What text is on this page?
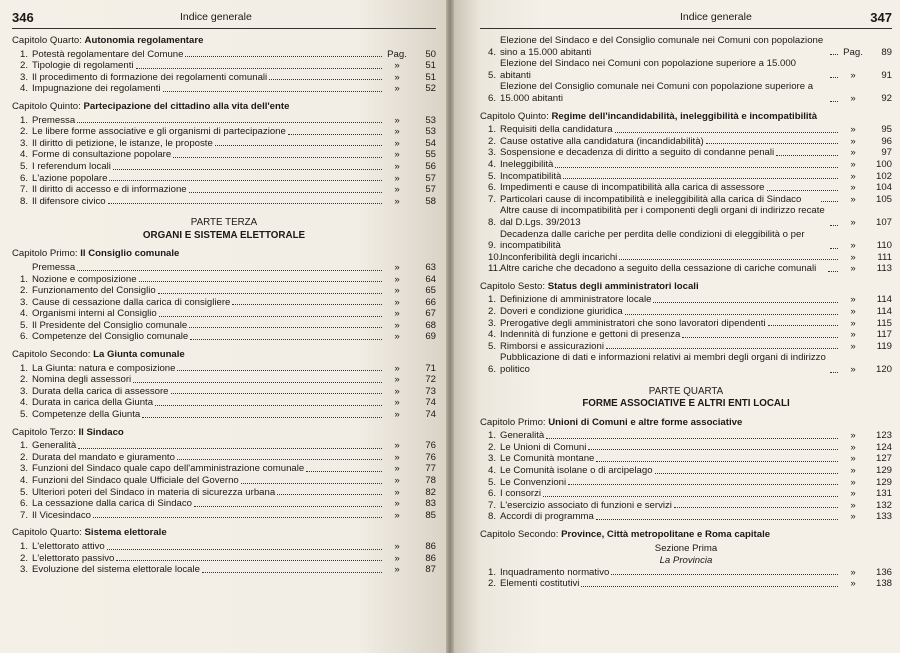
346	Indice generale
Capitolo Quarto: Autonomia regolamentare
1. Potestà regolamentare del Comune	Pag.	50
2. Tipologie di regolamenti	»	51
3. Il procedimento di formazione dei regolamenti comunali	»	51
4. Impugnazione dei regolamenti	»	52
Capitolo Quinto: Partecipazione del cittadino alla vita dell'ente
1. Premessa	»	53
2. Le libere forme associative e gli organismi di partecipazione	»	53
3. Il diritto di petizione, le istanze, le proposte	»	54
4. Forme di consultazione popolare	»	55
5. I referendum locali	»	56
6. L'azione popolare	»	57
7. Il diritto di accesso e di informazione	»	57
8. Il difensore civico	»	58
PARTE TERZA
ORGANI E SISTEMA ELETTORALE
Capitolo Primo: Il Consiglio comunale
Premessa	»	63
1. Nozione e composizione	»	64
2. Funzionamento del Consiglio	»	65
3. Cause di cessazione dalla carica di consigliere	»	66
4. Organismi interni al Consiglio	»	67
5. Il Presidente del Consiglio comunale	»	68
6. Competenze del Consiglio comunale	»	69
Capitolo Secondo: La Giunta comunale
1. La Giunta: natura e composizione	»	71
2. Nomina degli assessori	»	72
3. Durata della carica di assessore	»	73
4. Durata in carica della Giunta	»	74
5. Competenze della Giunta	»	74
Capitolo Terzo: Il Sindaco
1. Generalità	»	76
2. Durata del mandato e giuramento	»	76
3. Funzioni del Sindaco quale capo dell'amministrazione comunale	»	77
4. Funzioni del Sindaco quale Ufficiale del Governo	»	78
5. Ulteriori poteri del Sindaco in materia di sicurezza urbana	»	82
6. La cessazione dalla carica di Sindaco	»	83
7. Il Vicesindaco	»	85
Capitolo Quarto: Sistema elettorale
1. L'elettorato attivo	»	86
2. L'elettorato passivo	»	86
3. Evoluzione del sistema elettorale locale	»	87
Indice generale	347
4.
Elezione del Sindaco e del Consiglio comunale nei Comuni con popolazione sino a 15.000 abitanti	Pag.	89
5.
Elezione del Sindaco nei Comuni con popolazione superiore a 15.000 abitanti	»	91
6.
Elezione del Consiglio comunale nei Comuni con popolazione superiore a 15.000 abitanti	»	92
Capitolo Quinto: Regime dell'incandidabilità, ineleggibilità e incompatibilità
1. Requisiti della candidatura	»	95
2. Cause ostative alla candidatura (incandidabilità)	»	96
3. Sospensione e decadenza di diritto a seguito di condanne penali	»	97
4. Ineleggibilità	»	100
5. Incompatibilità	»	102
6. Impedimenti e cause di incompatibilità alla carica di assessore	»	104
7. Particolari cause di incompatibilità e ineleggibilità alla carica di Sindaco	»	105
8.
Altre cause di incompatibilità per i componenti degli organi di indirizzo recate dal D.Lgs. 39/2013	»	107
9.
Decadenza dalle cariche per perdita delle condizioni di eleggibilità o per incompatibilità	»	110
10.
Inconferibilità degli incarichi	»	111
11. Altre cariche che decadono a seguito della cessazione di cariche comunali	»	113
Capitolo Sesto: Status degli amministratori locali
1. Definizione di amministratore locale	»	114
2. Doveri e condizione giuridica	»	114
3. Prerogative degli amministratori che sono lavoratori dipendenti	»	115
4. Indennità di funzione e gettoni di presenza	»	117
5. Rimborsi e assicurazioni	»	119
6.
Pubblicazione di dati e informazioni relativi ai membri degli organi di indirizzo politico	»	120
PARTE QUARTA
FORME ASSOCIATIVE E ALTRI ENTI LOCALI
Capitolo Primo: Unioni di Comuni e altre forme associative
1. Generalità	»	123
2. Le Unioni di Comuni	»	124
3. Le Comunità montane	»	127
4. Le Comunità isolane o di arcipelago	»	129
5. Le Convenzioni	»	129
6. I consorzi	»	131
7. L'esercizio associato di funzioni e servizi	»	132
8. Accordi di programma	»	133
Capitolo Secondo: Province, Città metropolitane e Roma capitale
Sezione Prima
La Provincia
1. Inquadramento normativo	»	136
2. Elementi costitutivi	»	138
